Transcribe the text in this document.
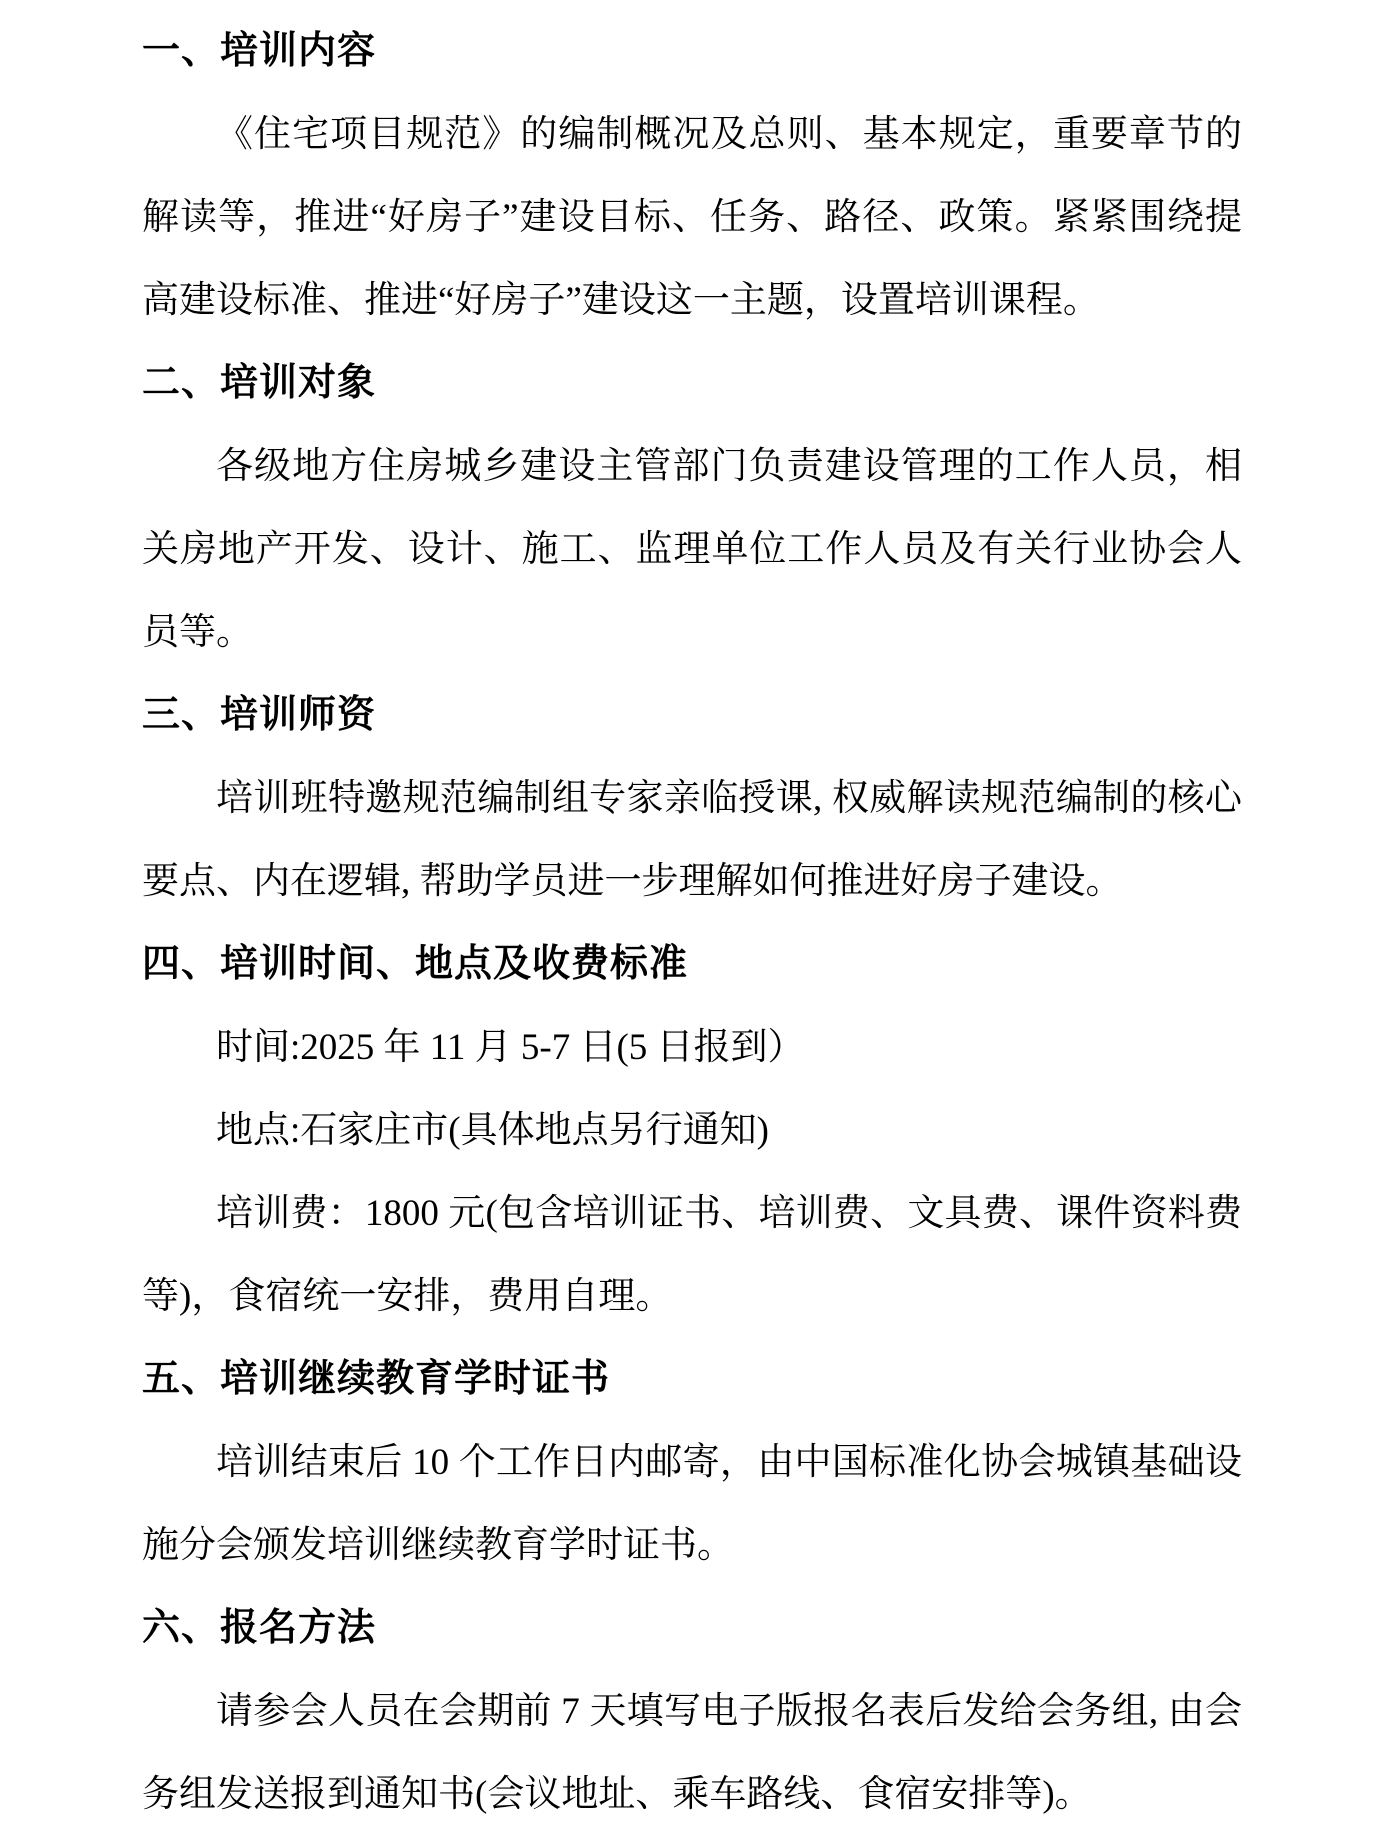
一、培训内容

《住宅项目规范》的编制概况及总则、基本规定，重要章节的解读等，推进“好房子”建设目标、任务、路径、政策。紧紧围绕提高建设标准、推进“好房子”建设这一主题，设置培训课程。

二、培训对象

各级地方住房城乡建设主管部门负责建设管理的工作人员，相关房地产开发、设计、施工、监理单位工作人员及有关行业协会人员等。

三、培训师资

培训班特邀规范编制组专家亲临授课, 权威解读规范编制的核心要点、内在逻辑, 帮助学员进一步理解如何推进好房子建设。

四、培训时间、地点及收费标准

时间:2025 年 11 月 5-7 日(5 日报到）

地点:石家庄市(具体地点另行通知)

培训费：1800 元(包含培训证书、培训费、文具费、课件资料费等)，食宿统一安排，费用自理。

五、培训继续教育学时证书

培训结束后 10 个工作日内邮寄，由中国标准化协会城镇基础设施分会颁发培训继续教育学时证书。

六、报名方法

请参会人员在会期前 7 天填写电子版报名表后发给会务组, 由会务组发送报到通知书(会议地址、乘车路线、食宿安排等)。
